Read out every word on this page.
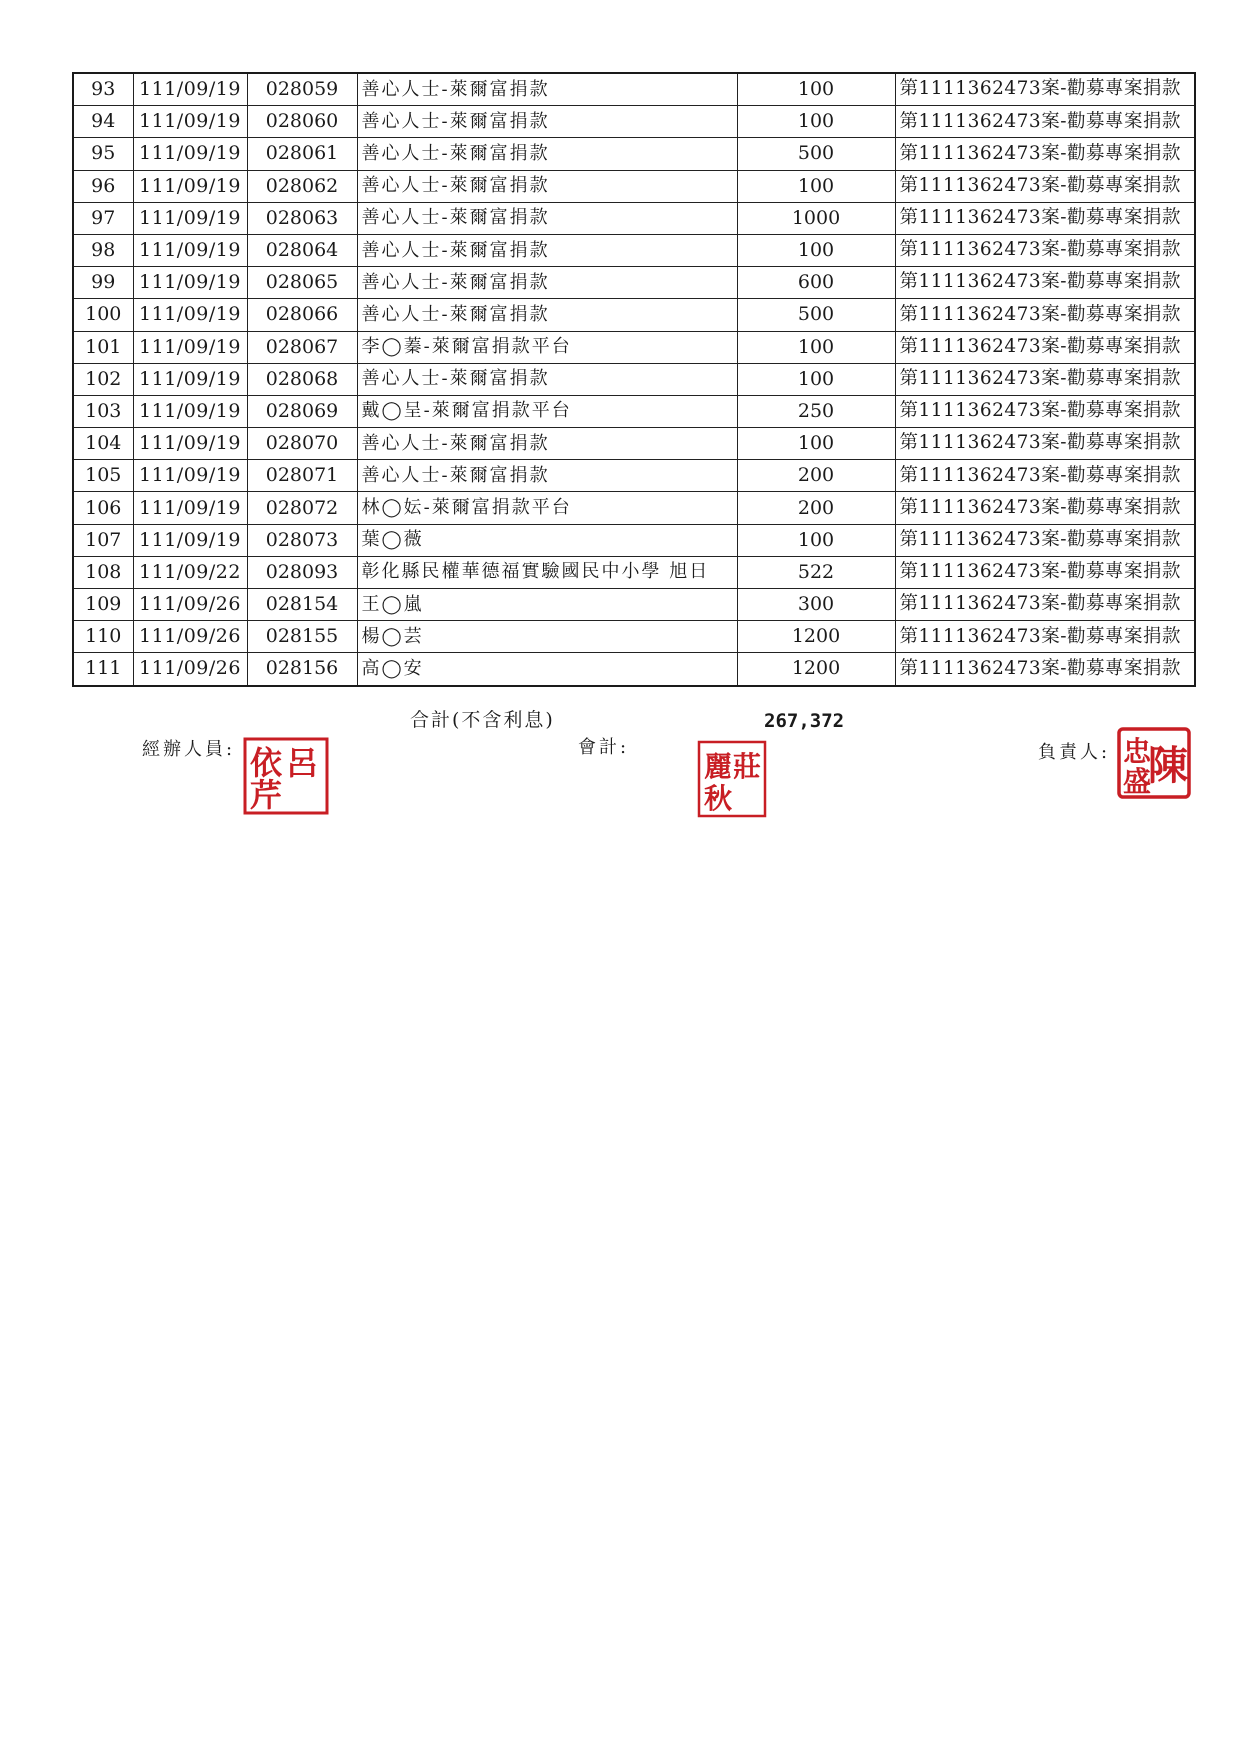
93	111/09/19	028059	善心人士-萊爾富捐款	100	第1111362473案-勸募專案捐款
94	111/09/19	028060	善心人士-萊爾富捐款	100	第1111362473案-勸募專案捐款
95	111/09/19	028061	善心人士-萊爾富捐款	500	第1111362473案-勸募專案捐款
96	111/09/19	028062	善心人士-萊爾富捐款	100	第1111362473案-勸募專案捐款
97	111/09/19	028063	善心人士-萊爾富捐款	1000	第1111362473案-勸募專案捐款
98	111/09/19	028064	善心人士-萊爾富捐款	100	第1111362473案-勸募專案捐款
99	111/09/19	028065	善心人士-萊爾富捐款	600	第1111362473案-勸募專案捐款
100	111/09/19	028066	善心人士-萊爾富捐款	500	第1111362473案-勸募專案捐款
101	111/09/19	028067	李◯蓁-萊爾富捐款平台	100	第1111362473案-勸募專案捐款
102	111/09/19	028068	善心人士-萊爾富捐款	100	第1111362473案-勸募專案捐款
103	111/09/19	028069	戴◯呈-萊爾富捐款平台	250	第1111362473案-勸募專案捐款
104	111/09/19	028070	善心人士-萊爾富捐款	100	第1111362473案-勸募專案捐款
105	111/09/19	028071	善心人士-萊爾富捐款	200	第1111362473案-勸募專案捐款
106	111/09/19	028072	林◯妘-萊爾富捐款平台	200	第1111362473案-勸募專案捐款
107	111/09/19	028073	葉◯薇	100	第1111362473案-勸募專案捐款
108	111/09/22	028093	彰化縣民權華德福實驗國民中小學 旭日	522	第1111362473案-勸募專案捐款
109	111/09/26	028154	王◯嵐	300	第1111362473案-勸募專案捐款
110	111/09/26	028155	楊◯芸	1200	第1111362473案-勸募專案捐款
111	111/09/26	028156	高◯安	1200	第1111362473案-勸募專案捐款
合計(不含利息)	267,372
經辦人員: 呂
依
芹
會計:
莊
麗
秋
負責人: 陳
忠
盛
